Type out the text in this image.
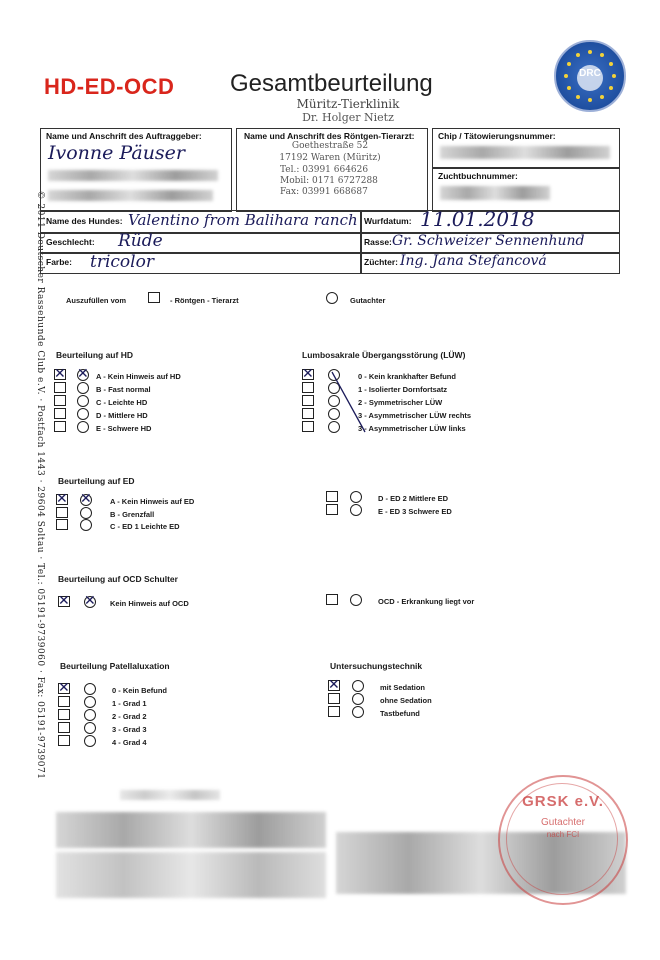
© 2011 Deutscher Rassehunde Club e.V. · Postfach 1443 · 29604 Soltau · Tel.: 05191-9739060 · Fax: 05191-9739071
HD-ED-OCD Gesamtbeurteilung
Müritz-Tierklinik
Dr. Holger Nietz
DRC
Name und Anschrift des Auftraggeber:
Ivonne Päuser
Name und Anschrift des Röntgen-Tierarzt:
Goethestraße 52
17192 Waren (Müritz)
Tel.: 03991 664626
Mobil: 0171 6727288
Fax: 03991 668687
Chip / Tätowierungsnummer:
Zuchtbuchnummer:
Name des Hundes: Valentino from Balihara ranch Wurfdatum: 11.01.2018
Geschlecht: Rüde	Rasse: Gr. Schweizer Sennenhund
Farbe: tricolor	Züchter: Ing. Jana Stefancová
Auszufüllen vom	- Röntgen - Tierarzt	Gutachter
Beurteilung auf HD
✕ ✕ A - Kein Hinweis auf HD
B - Fast normal
C - Leichte HD
D - Mittlere HD
E - Schwere HD
Lumbosakrale Übergangsstörung (LÜW)
✕	0 - Kein krankhafter Befund
1 - Isolierter Dornfortsatz
2 - Symmetrischer LÜW
3 - Asymmetrischer LÜW rechts
3 - Asymmetrischer LÜW links
Beurteilung auf ED
✕ ✕ A - Kein Hinweis auf ED
B - Grenzfall
C - ED 1 Leichte ED
D - ED 2 Mittlere ED
E - ED 3 Schwere ED
Beurteilung auf OCD Schulter
✕ ✕ Kein Hinweis auf OCD	OCD - Erkrankung liegt vor
Beurteilung Patellaluxation
✕	0 - Kein Befund
1 - Grad 1
2 - Grad 2
3 - Grad 3
4 - Grad 4
Untersuchungstechnik
✕	mit Sedation
ohne Sedation
Tastbefund
GRSK e.V.
Gutachter
nach FCI
